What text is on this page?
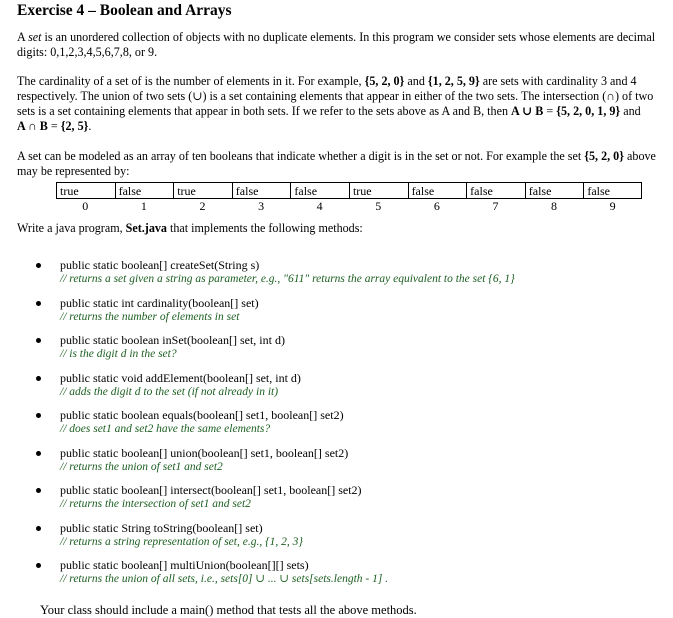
Exercise 4 – Boolean and Arrays

A set is an unordered collection of objects with no duplicate elements. In this program we consider sets whose elements are decimal
digits: 0,1,2,3,4,5,6,7,8, or 9.

The cardinality of a set of is the number of elements in it. For example, {5, 2, 0} and {1, 2, 5, 9} are sets with cardinality 3 and 4
respectively. The union of two sets (∪) is a set containing elements that appear in either of the two sets. The intersection (∩) of two
sets is a set containing elements that appear in both sets. If we refer to the sets above as A and B, then A ∪ B = {5, 2, 0, 1, 9} and
A ∩ B = {2, 5}.

A set can be modeled as an array of ten booleans that indicate whether a digit is in the set or not. For example the set {5, 2, 0} above
may be represented by:

true	false	true	false	false	true	false	false	false	false
0	1	2	3	4	5	6	7	8	9

Write a java program, Set.java that implements the following methods:

public static boolean[] createSet(String s)
// returns a set given a string as parameter, e.g., "611" returns the array equivalent to the set {6, 1}
public static int cardinality(boolean[] set)
// returns the number of elements in set
public static boolean inSet(boolean[] set, int d)
// is the digit d in the set?
public static void addElement(boolean[] set, int d)
// adds the digit d to the set (if not already in it)
public static boolean equals(boolean[] set1, boolean[] set2)
// does set1 and set2 have the same elements?
public static boolean[] union(boolean[] set1, boolean[] set2)
// returns the union of set1 and set2
public static boolean[] intersect(boolean[] set1, boolean[] set2)
// returns the intersection of set1 and set2
public static String toString(boolean[] set)
// returns a string representation of set, e.g., {1, 2, 3}
public static boolean[] multiUnion(boolean[][] sets)
// returns the union of all sets, i.e., sets[0] ∪ ... ∪ sets[sets.length - 1] .

Your class should include a main() method that tests all the above methods.
